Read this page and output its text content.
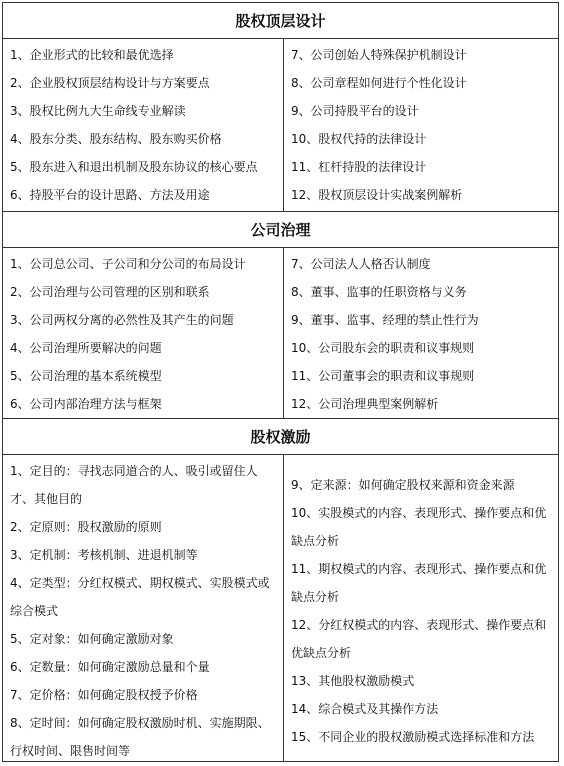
股权顶层设计
1、企业形式的比较和最优选择
2、企业股权顶层结构设计与方案要点
3、股权比例九大生命线专业解读
4、股东分类、股东结构、股东购买价格
5、股东进入和退出机制及股东协议的核心要点
6、持股平台的设计思路、方法及用途
7、公司创始人特殊保护机制设计
8、公司章程如何进行个性化设计
9、公司持股平台的设计
10、股权代持的法律设计
11、杠杆持股的法律设计
12、股权顶层设计实战案例解析
公司治理
1、公司总公司、子公司和分公司的布局设计
2、公司治理与公司管理的区别和联系
3、公司两权分离的必然性及其产生的问题
4、公司治理所要解决的问题
5、公司治理的基本系统模型
6、公司内部治理方法与框架
7、公司法人人格否认制度
8、董事、监事的任职资格与义务
9、董事、监事、经理的禁止性行为
10、公司股东会的职责和议事规则
11、公司董事会的职责和议事规则
12、公司治理典型案例解析
股权激励
1、定目的：寻找志同道合的人、吸引或留住人才、其他目的
2、定原则：股权激励的原则
3、定机制：考核机制、进退机制等
4、定类型：分红权模式、期权模式、实股模式或综合模式
5、定对象：如何确定激励对象
6、定数量：如何确定激励总量和个量
7、定价格：如何确定股权授予价格
8、定时间：如何确定股权激励时机、实施期限、行权时间、限售时间等
9、定来源：如何确定股权来源和资金来源
10、实股模式的内容、表现形式、操作要点和优缺点分析
11、期权模式的内容、表现形式、操作要点和优缺点分析
12、分红权模式的内容、表现形式、操作要点和优缺点分析
13、其他股权激励模式
14、综合模式及其操作方法
15、不同企业的股权激励模式选择标准和方法
